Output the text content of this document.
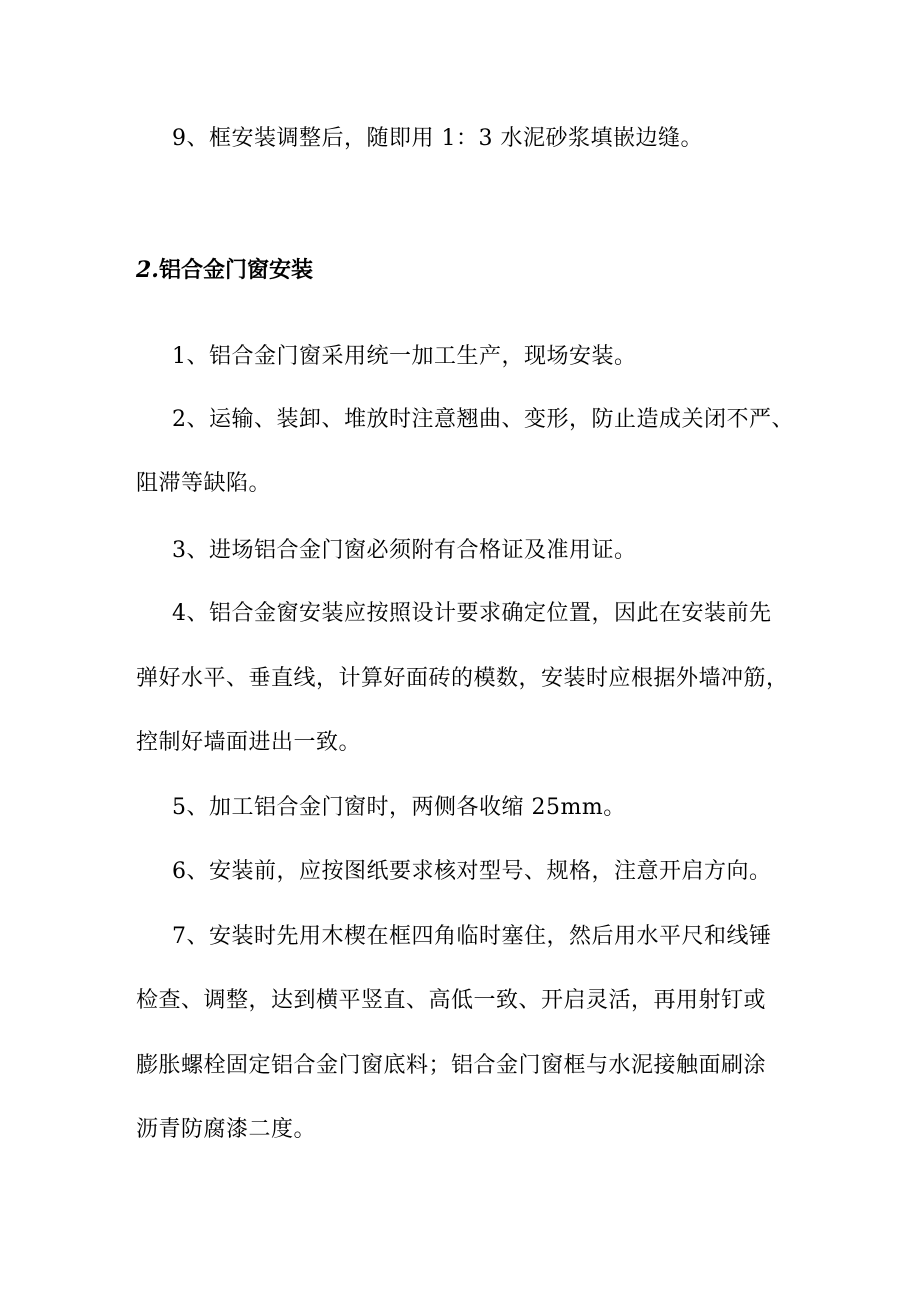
9、框安装调整后，随即用 1：3 水泥砂浆填嵌边缝。
2.铝合金门窗安装
1、铝合金门窗采用统一加工生产，现场安装。
2、运输、装卸、堆放时注意翘曲、变形，防止造成关闭不严、
阻滞等缺陷。
3、进场铝合金门窗必须附有合格证及准用证。
4、铝合金窗安装应按照设计要求确定位置，因此在安装前先
弹好水平、垂直线，计算好面砖的模数，安装时应根据外墙冲筋，
控制好墙面进出一致。
5、加工铝合金门窗时，两侧各收缩 25mm。
6、安装前，应按图纸要求核对型号、规格，注意开启方向。
7、安装时先用木楔在框四角临时塞住，然后用水平尺和线锤
检查、调整，达到横平竖直、高低一致、开启灵活，再用射钉或
膨胀螺栓固定铝合金门窗底料；铝合金门窗框与水泥接触面刷涂
沥青防腐漆二度。
